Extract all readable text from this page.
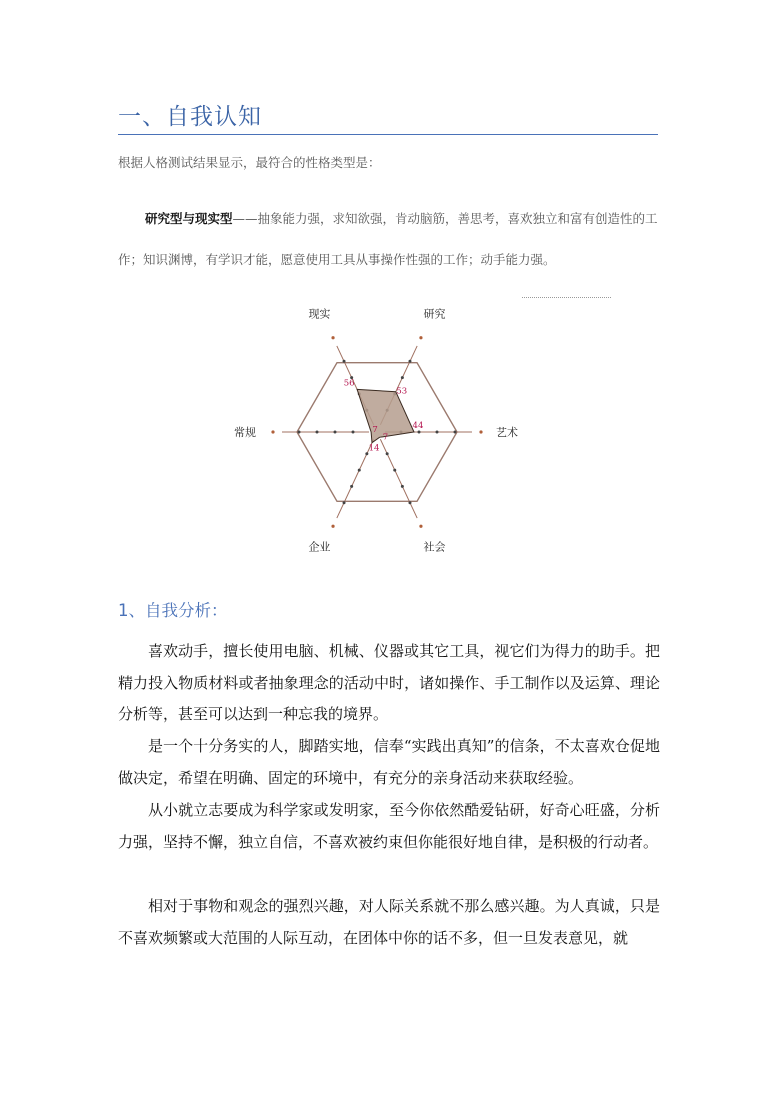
一、自我认知
根据人格测试结果显示，最符合的性格类型是：
研究型与现实型——抽象能力强，求知欲强，肯动脑筋，善思考，喜欢独立和富有创造性的工作；知识渊博，有学识才能，愿意使用工具从事操作性强的工作；动手能力强。
现实	研究
艺术
社会
企业
常规
56
53
44
7
14
7
1、自我分析：
喜欢动手，擅长使用电脑、机械、仪器或其它工具，视它们为得力的助手。把精力投入物质材料或者抽象理念的活动中时，诸如操作、手工制作以及运算、理论分析等，甚至可以达到一种忘我的境界。
是一个十分务实的人，脚踏实地，信奉“实践出真知”的信条，不太喜欢仓促地做决定，希望在明确、固定的环境中，有充分的亲身活动来获取经验。
从小就立志要成为科学家或发明家，至今你依然酷爱钻研，好奇心旺盛，分析力强，坚持不懈，独立自信，不喜欢被约束但你能很好地自律，是积极的行动者。
相对于事物和观念的强烈兴趣，对人际关系就不那么感兴趣。为人真诚，只是不喜欢频繁或大范围的人际互动，在团体中你的话不多，但一旦发表意见，就
